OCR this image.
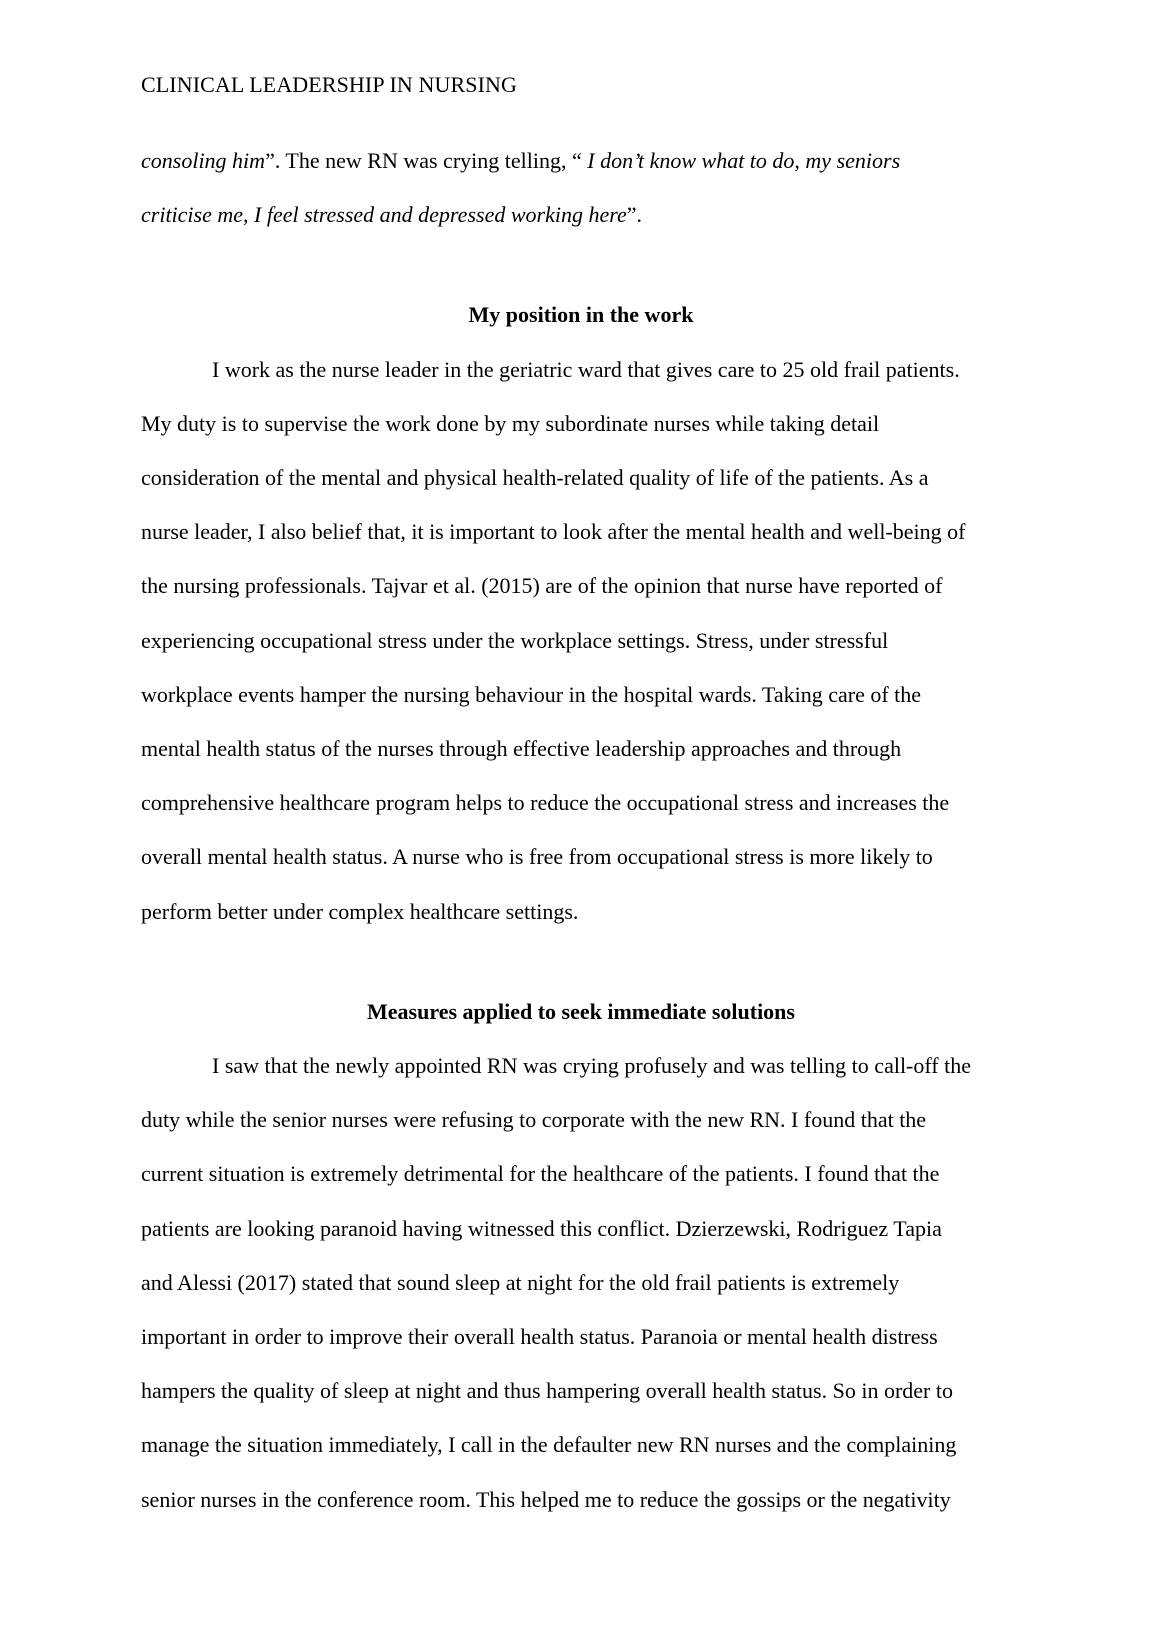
CLINICAL LEADERSHIP IN NURSING

consoling him”. The new RN was crying telling, “ I don’t know what to do, my seniors
criticise me, I feel stressed and depressed working here”.

My position in the work

I work as the nurse leader in the geriatric ward that gives care to 25 old frail patients.
My duty is to supervise the work done by my subordinate nurses while taking detail
consideration of the mental and physical health-related quality of life of the patients. As a
nurse leader, I also belief that, it is important to look after the mental health and well-being of
the nursing professionals. Tajvar et al. (2015) are of the opinion that nurse have reported of
experiencing occupational stress under the workplace settings. Stress, under stressful
workplace events hamper the nursing behaviour in the hospital wards. Taking care of the
mental health status of the nurses through effective leadership approaches and through
comprehensive healthcare program helps to reduce the occupational stress and increases the
overall mental health status. A nurse who is free from occupational stress is more likely to
perform better under complex healthcare settings.

Measures applied to seek immediate solutions

I saw that the newly appointed RN was crying profusely and was telling to call-off the
duty while the senior nurses were refusing to corporate with the new RN. I found that the
current situation is extremely detrimental for the healthcare of the patients. I found that the
patients are looking paranoid having witnessed this conflict. Dzierzewski, Rodriguez Tapia
and Alessi (2017) stated that sound sleep at night for the old frail patients is extremely
important in order to improve their overall health status. Paranoia or mental health distress
hampers the quality of sleep at night and thus hampering overall health status. So in order to
manage the situation immediately, I call in the defaulter new RN nurses and the complaining
senior nurses in the conference room. This helped me to reduce the gossips or the negativity
